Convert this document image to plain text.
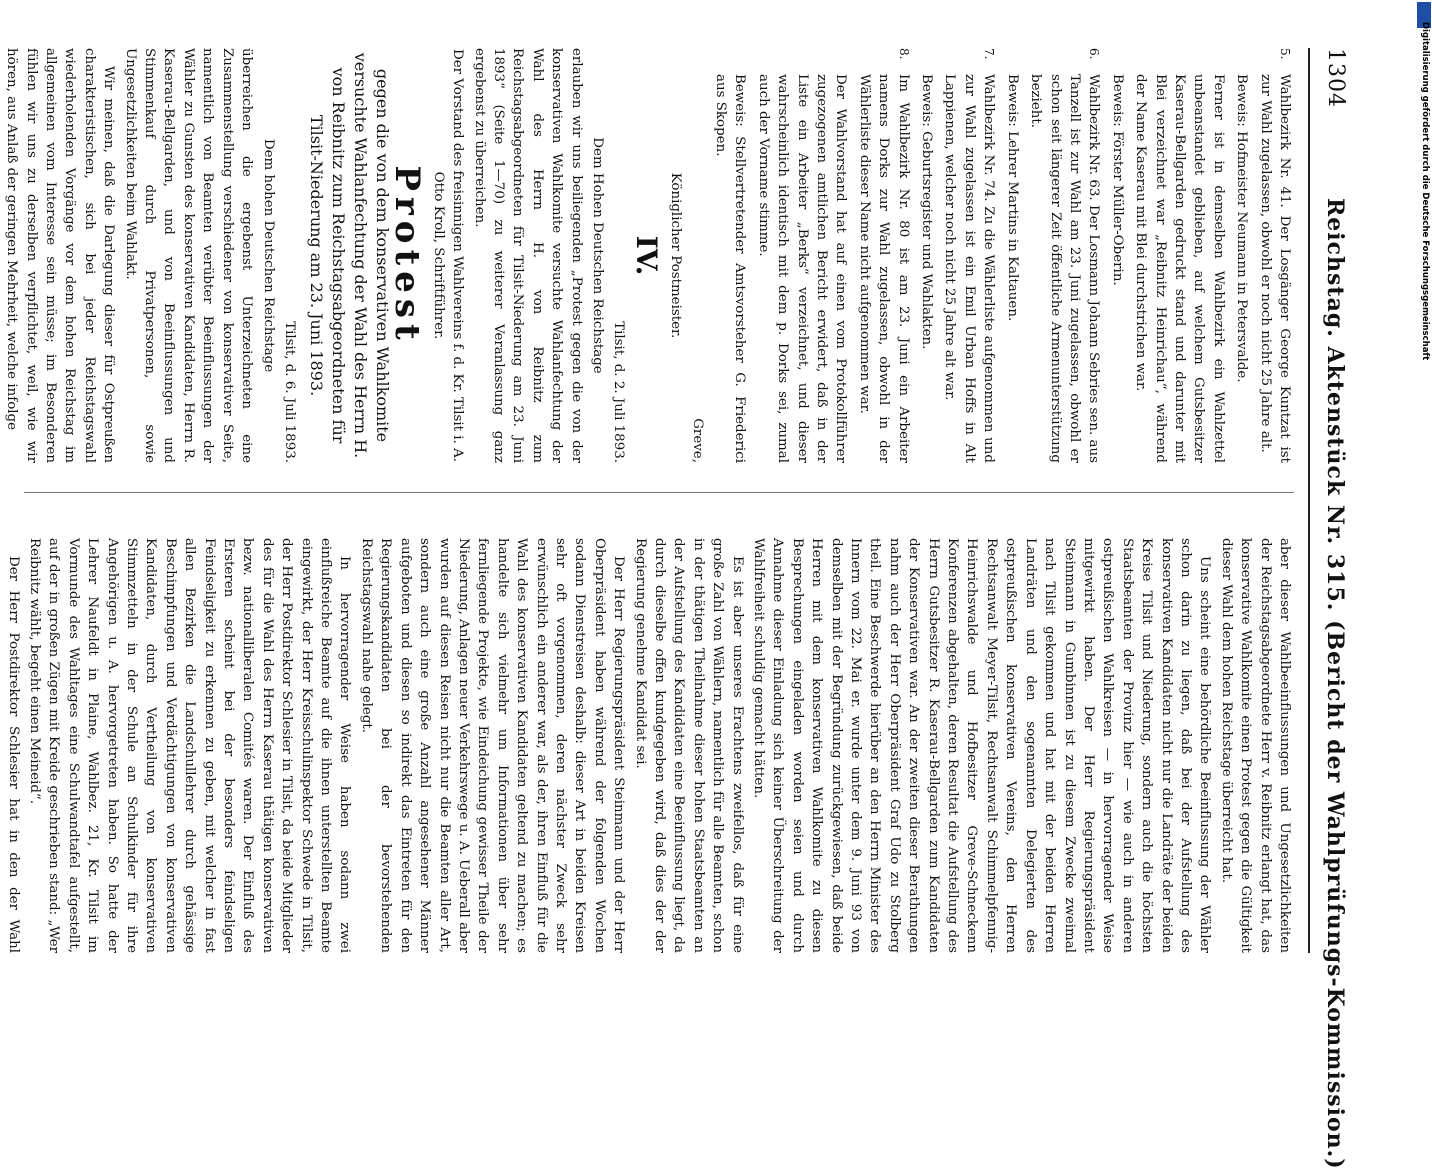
1304
Reichstag. Aktenstück Nr. 315. (Bericht der Wahlprüfungs-Kommission.)
5.
Wahlbezirk Nr. 41. Der Losgänger George Kuntzat ist zur Wahl zugelassen, obwohl er noch nicht 25 Jahre alt.
Beweis: Hofmeister Neumann in Petersvalde.
Ferner ist in demselben Wahlbezirk ein Wahlzettel unbeanstandet geblieben, auf welchem Gutsbesitzer Kaserau-Bellgarden gedruckt stand und darunter mit Blei verzeichnet war „Reibnitz Heinrichau“, während der Name Kaserau mit Blei durchstrichen war.
Beweis: Förster Müller-Oberin.
6.
Wahlbezirk Nr. 63. Der Losmann Johann Sebries sen. aus Tanzell ist zur Wahl am 23. Juni zugelassen, obwohl er schon seit längerer Zeit öffentliche Armenunterstützung bezieht.
Beweis: Lehrer Martins in Kaltauen.
7.
Wahlbezirk Nr. 74. Zu die Wählerliste aufgenommen und zur Wahl zugelassen ist ein Emil Urban Hoffs in Alt Lappienen, welcher noch nicht 25 Jahre alt war.
Beweis: Geburtsregister und Wahlakten.
8.
Im Wahlbezirk Nr. 80 ist am 23. Juni ein Arbeiter namens Dorks zur Wahl zugelassen, obwohl in der Wählerliste dieser Name nicht aufgenommen war.
Der Wahlvorstand hat auf einen vom Protokollführer zugezogenen amtlichen Bericht erwidert, daß in der Liste ein Arbeiter „Berks“ verzeichnet, und dieser wahrscheinlich identisch mit dem p. Dorks sei, zumal auch der Vorname stimme.
Beweis: Stellvertretender Amtsvorsteher G. Friederici aus Skopen.

Greve,

Königlicher Postmeister.

IV.

Tilsit, d. 2. Juli 1893.

Dem Hohen Deutschen Reichstage

erlauben wir uns beiliegenden „Protest gegen die von der konservativen Wahlkomite versuchte Wahlanfechtung der Wahl des Herrn H. von Reibnitz zum Reichstagsabgeordneten für Tilsit-Niederung am 23. Juni 1893“ (Seite 1—70) zu weiterer Veranlassung ganz ergebenst zu überreichen.

Der Vorstand des freisinnigen Wahlvereins f. d. Kr. Tilsit i. A. Otto Kroll, Schriftführer.

Protest
gegen die von dem konservativen Wahlkomite versuchte Wahlanfechtung der Wahl des Herrn H. von Reibnitz zum Reichstagsabgeordneten für Tilsit-Niederung am 23. Juni 1893.

Tilsit, d. 6. Juli 1893.

Dem hohen Deutschen Reichstage

überreichen die ergebenst Unterzeichneten eine Zusammenstellung verschiedener von konservativer Seite, namentlich von Beamten verübter Beeinflussungen der Wähler zu Gunsten des konservativen Kandidaten, Herrn R. Kaserau-Bellgarden, und von Beeinflussungen und Stimmenkauf durch Privatpersonen, sowie Ungesetzlichkeiten beim Wahlakt.

Wir meinen, daß die Darlegung dieser für Ostpreußen charakteristischen, sich bei jeder Reichstagswahl wiederholenden Vorgänge vor dem hohen Reichstag im allgemeinen vom Interesse sein müsse; im Besonderen fühlen wir uns zu derselben verpflichtet, weil, wie wir hören, aus Anlaß der geringen Mehrheit, welche infolge

aber dieser Wahlbeeinflussungen und Ungesetzlichkeiten der Reichstagsabgeordnete Herr v. Reibnitz erlangt hat, das konservative Wahlkomite einen Protest gegen die Gültigkeit dieser Wahl dem hohen Reichstage überreicht hat.

Uns scheint eine behördliche Beeinflussung der Wähler schon darin zu liegen, daß bei der Aufstellung des konservativen Kandidaten nicht nur die Landräte der beiden Kreise Tilsit und Niederung, sondern auch die höchsten Staatsbeamten der Provinz hier — wie auch in anderen ostpreußischen Wahlkreisen — in hervorragender Weise mitgewirkt haben. Der Herr Regierungspräsident Steinmann in Gumbinnen ist zu diesem Zwecke zweimal nach Tilsit gekommen und hat mit der beiden Herren Landräten und den sogenannten Delegierten des ostpreußischen konservativen Vereins, den Herren Rechtsanwalt Meyer-Tilsit, Rechtsanwalt Schimmelpfennig-Heinrichswalde und Hofbesitzer Greve-Schneckenn Konferenzen abgehalten, deren Resultat die Aufstellung des Herrn Gutsbesitzer R. Kaserau-Bellgarden zum Kandidaten der Konservativen war. An der zweiten dieser Berathungen nahm auch der Herr Oberpräsident Graf Udo zu Stolberg theil. Eine Beschwerde hierüber an den Herrn Minister des Innern vom 22. Mai er. wurde unter dem 9. Juni 93 von demselben mit der Begründung zurückgewiesen, daß beide Herren mit dem konservativen Wahlkomite zu diesen Besprechungen eingeladen worden seien und durch Annahme dieser Einladung sich keiner Überschreitung der Wahlfreiheit schuldig gemacht hätten.

Es ist aber unseres Erachtens zweifellos, daß für eine große Zahl von Wählern, namentlich für alle Beamten, schon in der thätigen Theilnahme dieser hohen Staatsbeamten an der Aufstellung des Kandidaten eine Beeinflussung liegt, da durch dieselbe offen kundgegeben wird, daß dies der der Regierung genehme Kandidat sei.

Der Herr Regierungspräsident Steinmann und der Herr Oberpräsident haben während der folgenden Wochen sodann Dienstreisen deshalb: dieser Art in beiden Kreisen sehr oft vorgenommen, deren nächster Zweck sehr erwünschlich ein anderer war, als der, ihren Einfluß für die Wahl des konservativen Kandidaten geltend zu machen; es handelte sich vielmehr um Informationen über sehr fernliegende Projekte, wie Eindeichung gewisser Theile der Niederung, Anlagen neuer Verkehrswege u. A. Ueberall aber wurden auf diesen Reisen nicht nur die Beamten aller Art, sondern auch eine große Anzahl angesehener Männer aufgeboten und diesen so indirekt das Eintreten für den Regierungskandidaten bei der bevorstehenden Reichstagswahl nahe gelegt.

In hervorragender Weise haben sodann zwei einflußreiche Beamte auf die ihnen unterstellten Beamte eingewirkt, der Herr Kreisschulinspektor Schwede in Tilsit, der Herr Postdirektor Schlesier in Tilsit, da beide Mitglieder des für die Wahl des Herrn Kaserau thätigen konservativen bezw. nationalliberalen Comités waren. Der Einfluß des Ersteren scheint bei der besonders feindseligen Feindseligkeit zu erkennen zu geben, mit welcher in fast allen Bezirken die Landschullehrer durch gehässige Beschimpfungen und Verdächtigungen von konservativen Kandidaten, durch Vertheilung von konservativen Stimmzetteln in der Schule an Schulkinder für ihre Angehörigen u. A. hervorgetreten haben. So hatte der Lehrer Naufeldt in Plaine, Wahlbez. 21, Kr. Tilsit im Vormunde des Wahltages eine Schulwandtafel aufgestellt, auf der in großen Zügen mit Kreide geschrieben stand: „Wer Reibnitz wählt, begeht einen Meineid“.

Der Herr Postdirektor Schlesier hat in den der Wahl

Digitalisierung gefördert durch die Deutsche Forschungsgemeinschaft
